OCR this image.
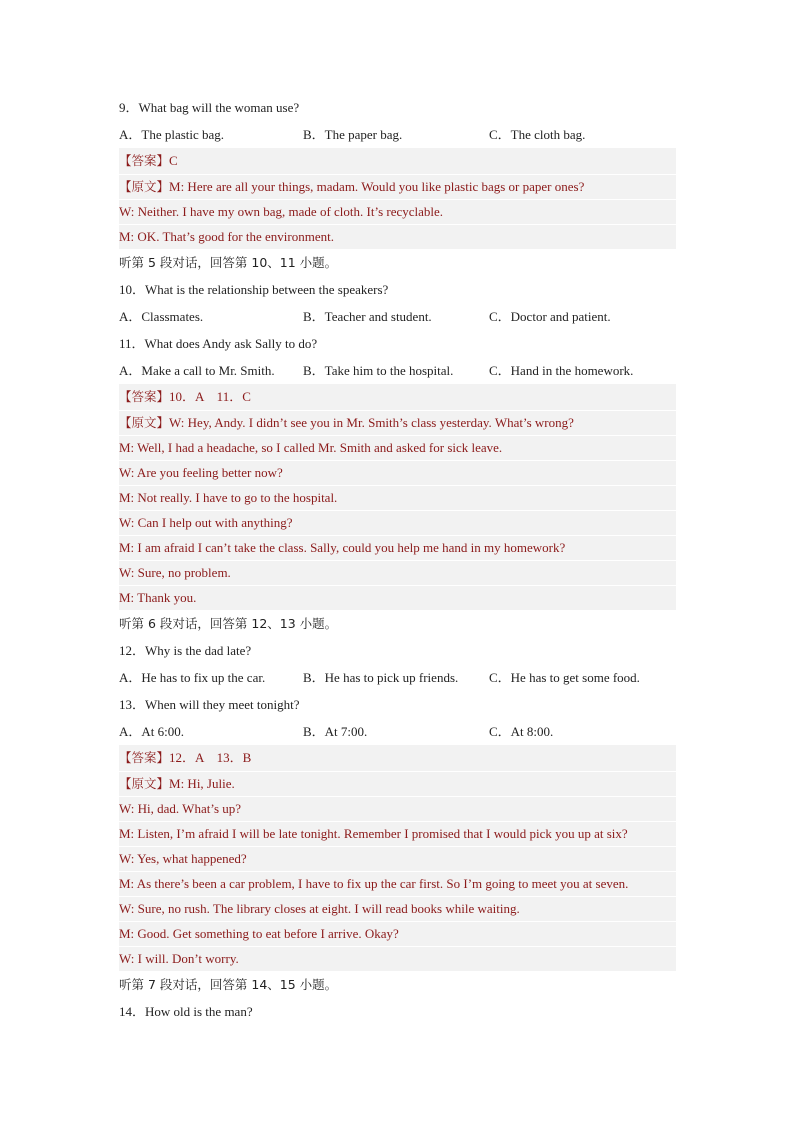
9．What bag will the woman use?
A．The plastic bag.	B．The paper bag.	C．The cloth bag.
【答案】C
【原文】M: Here are all your things, madam. Would you like plastic bags or paper ones?
W: Neither. I have my own bag, made of cloth. It’s recyclable.
M: OK. That’s good for the environment.
听第 5 段对话，回答第 10、11 小题。
10．What is the relationship between the speakers?
A．Classmates.	B．Teacher and student.	C．Doctor and patient.
11．What does Andy ask Sally to do?
A．Make a call to Mr. Smith. B．Take him to the hospital.	C．Hand in the homework.
【答案】10．A    11．C
【原文】W: Hey, Andy. I didn’t see you in Mr. Smith’s class yesterday. What’s wrong?
M: Well, I had a headache, so I called Mr. Smith and asked for sick leave.
W: Are you feeling better now?
M: Not really. I have to go to the hospital.
W: Can I help out with anything?
M: I am afraid I can’t take the class. Sally, could you help me hand in my homework?
W: Sure, no problem.
M: Thank you.
听第 6 段对话，回答第 12、13 小题。
12．Why is the dad late?
A．He has to fix up the car.	B．He has to pick up friends. C．He has to get some food.
13．When will they meet tonight?
A．At 6:00.	B．At 7:00.	C．At 8:00.
【答案】12．A    13．B
【原文】M: Hi, Julie.
W: Hi, dad. What’s up?
M: Listen, I’m afraid I will be late tonight. Remember I promised that I would pick you up at six?
W: Yes, what happened?
M: As there’s been a car problem, I have to fix up the car first. So I’m going to meet you at seven.
W: Sure, no rush. The library closes at eight. I will read books while waiting.
M: Good. Get something to eat before I arrive. Okay?
W: I will. Don’t worry.
听第 7 段对话，回答第 14、15 小题。
14．How old is the man?
